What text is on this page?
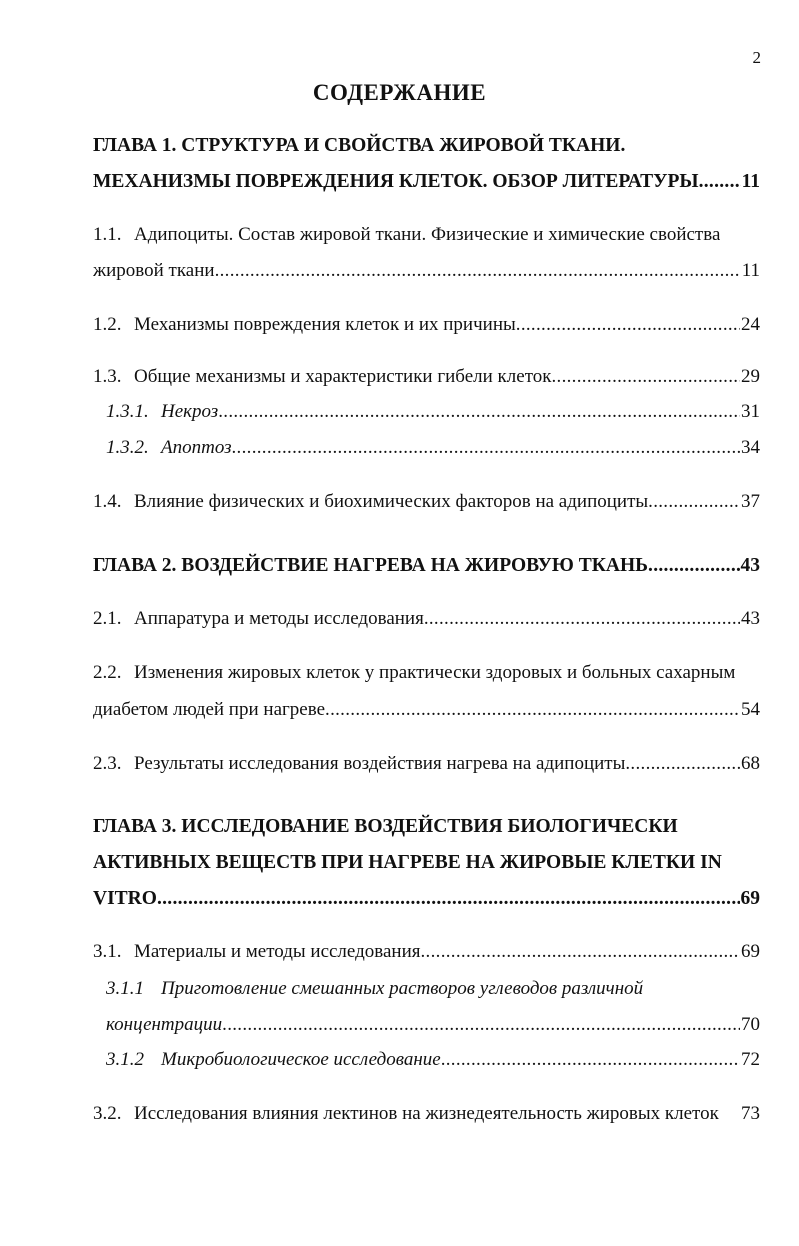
2
СОДЕРЖАНИЕ
ГЛАВА 1. СТРУКТУРА И СВОЙСТВА ЖИРОВОЙ ТКАНИ.
МЕХАНИЗМЫ ПОВРЕЖДЕНИЯ КЛЕТОК. ОБЗОР ЛИТЕРАТУРЫ ..... 11
1.1. Адипоциты. Состав жировой ткани. Физические и химические свойства
жировой ткани .....	11
1.2. Механизмы повреждения клеток и их причины .....	24
1.3. Общие механизмы и характеристики гибели клеток .....	29
1.3.1. Некроз .....	31
1.3.2. Апоптоз .....	34
1.4. Влияние физических и биохимических факторов на адипоциты .....	37
ГЛАВА 2. ВОЗДЕЙСТВИЕ НАГРЕВА НА ЖИРОВУЮ ТКАНЬ .....	43
2.1. Аппаратура и методы исследования .....	43
2.2. Изменения жировых клеток у практически здоровых и больных сахарным
диабетом людей при нагреве .....	54
2.3. Результаты исследования воздействия нагрева на адипоциты .....	68
ГЛАВА 3. ИССЛЕДОВАНИЕ ВОЗДЕЙСТВИЯ БИОЛОГИЧЕСКИ
АКТИВНЫХ ВЕЩЕСТВ ПРИ НАГРЕВЕ НА ЖИРОВЫЕ КЛЕТКИ IN
VITRO .....	69
3.1. Материалы и методы исследования .....	69
3.1.1 Приготовление смешанных растворов углеводов различной
концентрации .....	70
3.1.2 Микробиологическое исследование .....	72
3.2. Исследования влияния лектинов на жизнедеятельность жировых клеток	73
